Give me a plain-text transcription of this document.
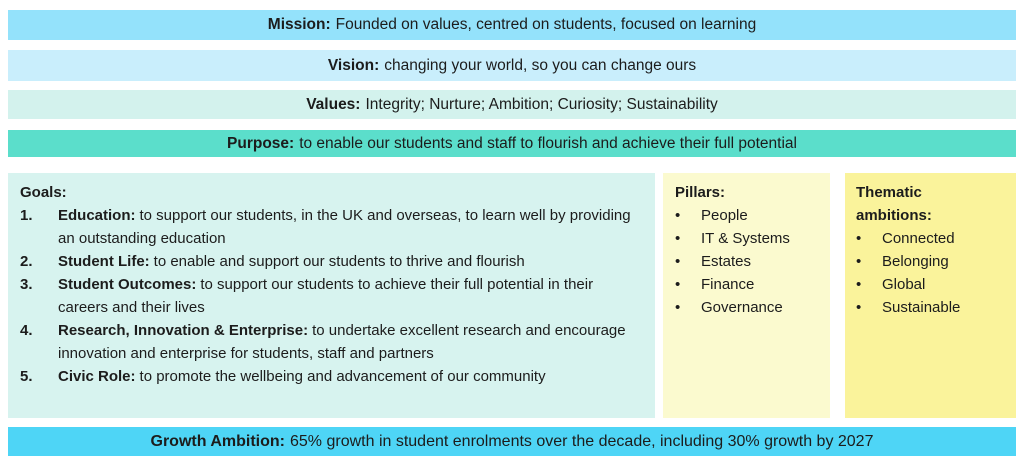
Mission: Founded on values, centred on students, focused on learning
Vision: changing your world, so you can change ours
Values: Integrity; Nurture; Ambition; Curiosity; Sustainability
Purpose: to enable our students and staff to flourish and achieve their full potential
Goals:
1.	Education: to support our students, in the UK and overseas, to learn well by providing an outstanding education
2.	Student Life: to enable and support our students to thrive and flourish
3.	Student Outcomes: to support our students to achieve their full potential in their careers and their lives
4.	Research, Innovation & Enterprise: to undertake excellent research and encourage innovation and enterprise for students, staff and partners
5.	Civic Role: to promote the wellbeing and advancement of our community
Pillars:
•	People
•	IT & Systems
•	Estates
•	Finance
•	Governance
Thematic
ambitions:
•	Connected
•	Belonging
•	Global
•	Sustainable
Growth Ambition: 65% growth in student enrolments over the decade, including 30% growth by 2027
